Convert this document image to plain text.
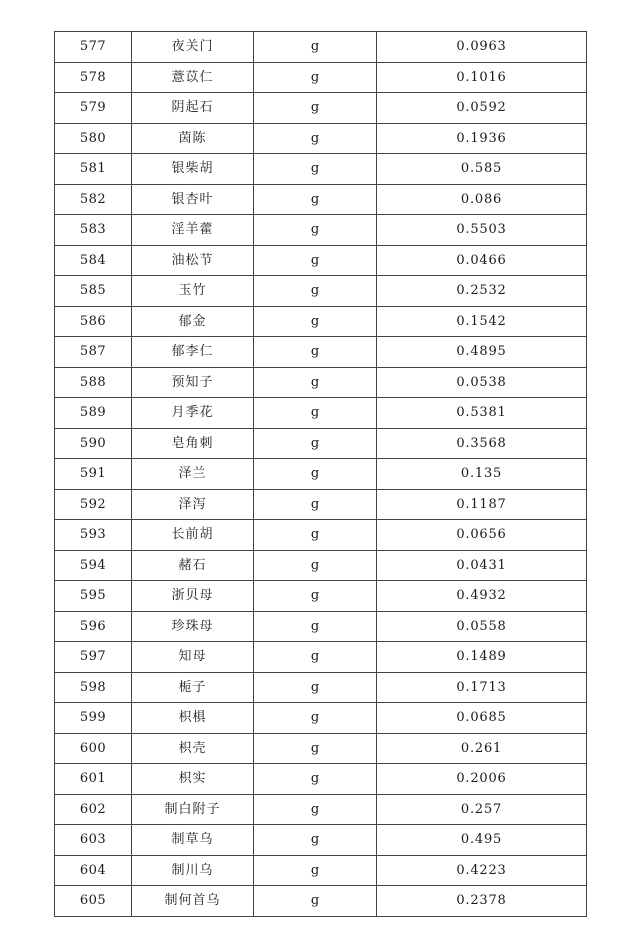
577	夜关门	g	0.0963
578	薏苡仁	g	0.1016
579	阴起石	g	0.0592
580	茵陈	g	0.1936
581	银柴胡	g	0.585
582	银杏叶	g	0.086
583	淫羊藿	g	0.5503
584	油松节	g	0.0466
585	玉竹	g	0.2532
586	郁金	g	0.1542
587	郁李仁	g	0.4895
588	预知子	g	0.0538
589	月季花	g	0.5381
590	皂角刺	g	0.3568
591	泽兰	g	0.135
592	泽泻	g	0.1187
593	长前胡	g	0.0656
594	赭石	g	0.0431
595	浙贝母	g	0.4932
596	珍珠母	g	0.0558
597	知母	g	0.1489
598	栀子	g	0.1713
599	枳椇	g	0.0685
600	枳壳	g	0.261
601	枳实	g	0.2006
602	制白附子	g	0.257
603	制草乌	g	0.495
604	制川乌	g	0.4223
605	制何首乌	g	0.2378
